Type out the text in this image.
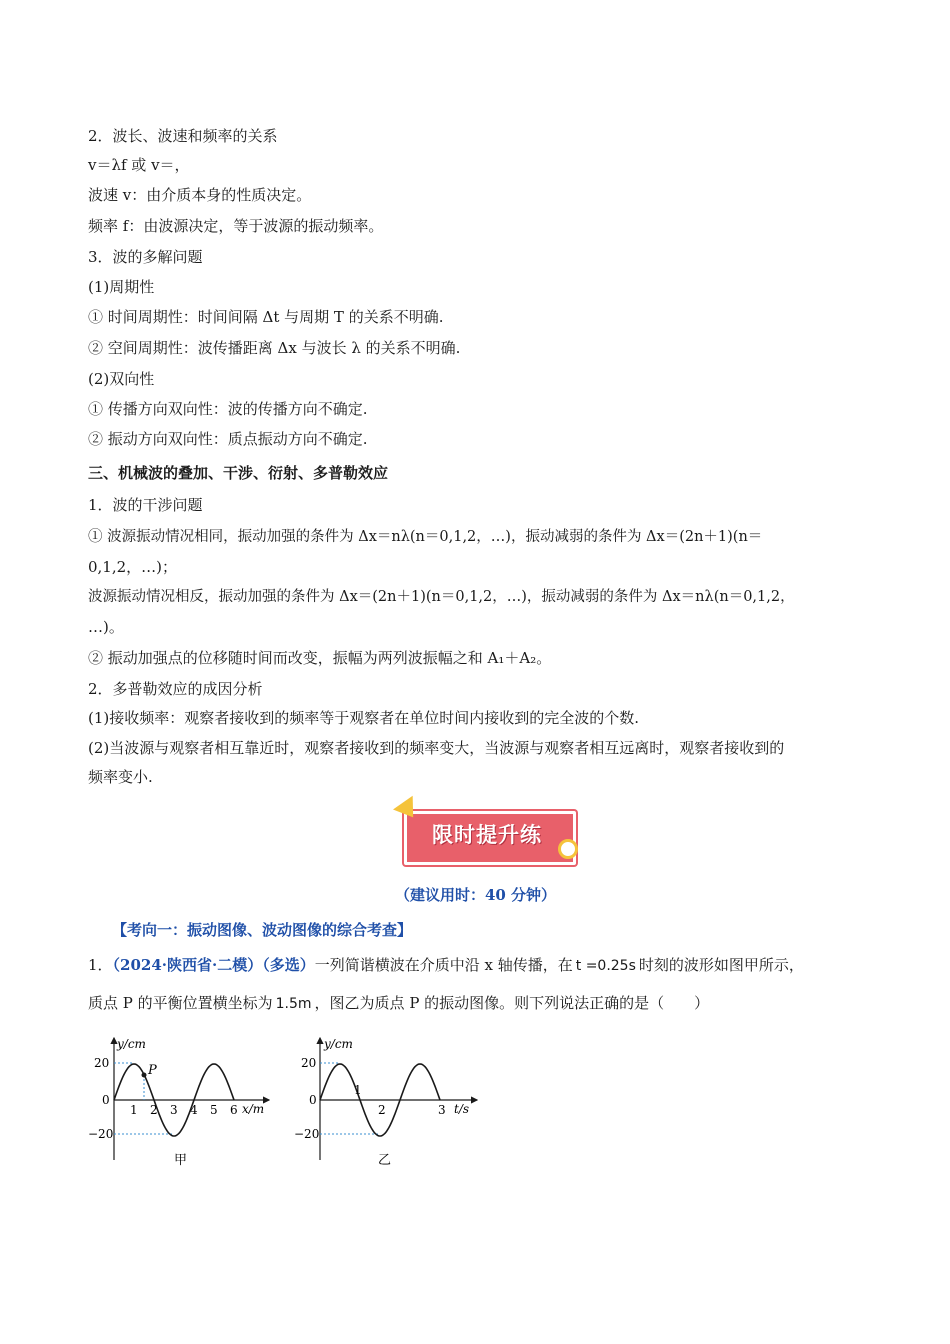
2．波长、波速和频率的关系
v＝λf 或 v＝，
波速 v：由介质本身的性质决定。
频率 f：由波源决定，等于波源的振动频率。
3．波的多解问题
(1)周期性
① 时间周期性：时间间隔 Δt 与周期 T 的关系不明确.
② 空间周期性：波传播距离 Δx 与波长 λ 的关系不明确.
(2)双向性
① 传播方向双向性：波的传播方向不确定.
② 振动方向双向性：质点振动方向不确定.
三、机械波的叠加、干涉、衍射、多普勒效应
1．波的干涉问题
① 波源振动情况相同，振动加强的条件为 Δx＝nλ(n＝0,1,2，…)，振动减弱的条件为 Δx＝(2n＋1)(n＝
0,1,2，…)；
波源振动情况相反，振动加强的条件为 Δx＝(2n＋1)(n＝0,1,2，…)，振动减弱的条件为 Δx＝nλ(n＝0,1,2，
…)。
② 振动加强点的位移随时间而改变，振幅为两列波振幅之和 A₁＋A₂。
2．多普勒效应的成因分析
(1)接收频率：观察者接收到的频率等于观察者在单位时间内接收到的完全波的个数.
(2)当波源与观察者相互靠近时，观察者接收到的频率变大，当波源与观察者相互远离时，观察者接收到的
频率变小.
限时提升练
（建议用时：40 分钟）
【考向一：振动图像、波动图像的综合考查】
1．（2024·陕西省·二模）（多选）一列简谐横波在介质中沿 x 轴传播，在 t =0.25s 时刻的波形如图甲所示，
质点 P 的平衡位置横坐标为 1.5m ，图乙为质点 P 的振动图像。则下列说法正确的是（　　）
P
y/cm
x/m
20
0
−20
1 2 3 4 5 6
甲
y/cm
t/s
20
0
−20
1
2	3
乙
